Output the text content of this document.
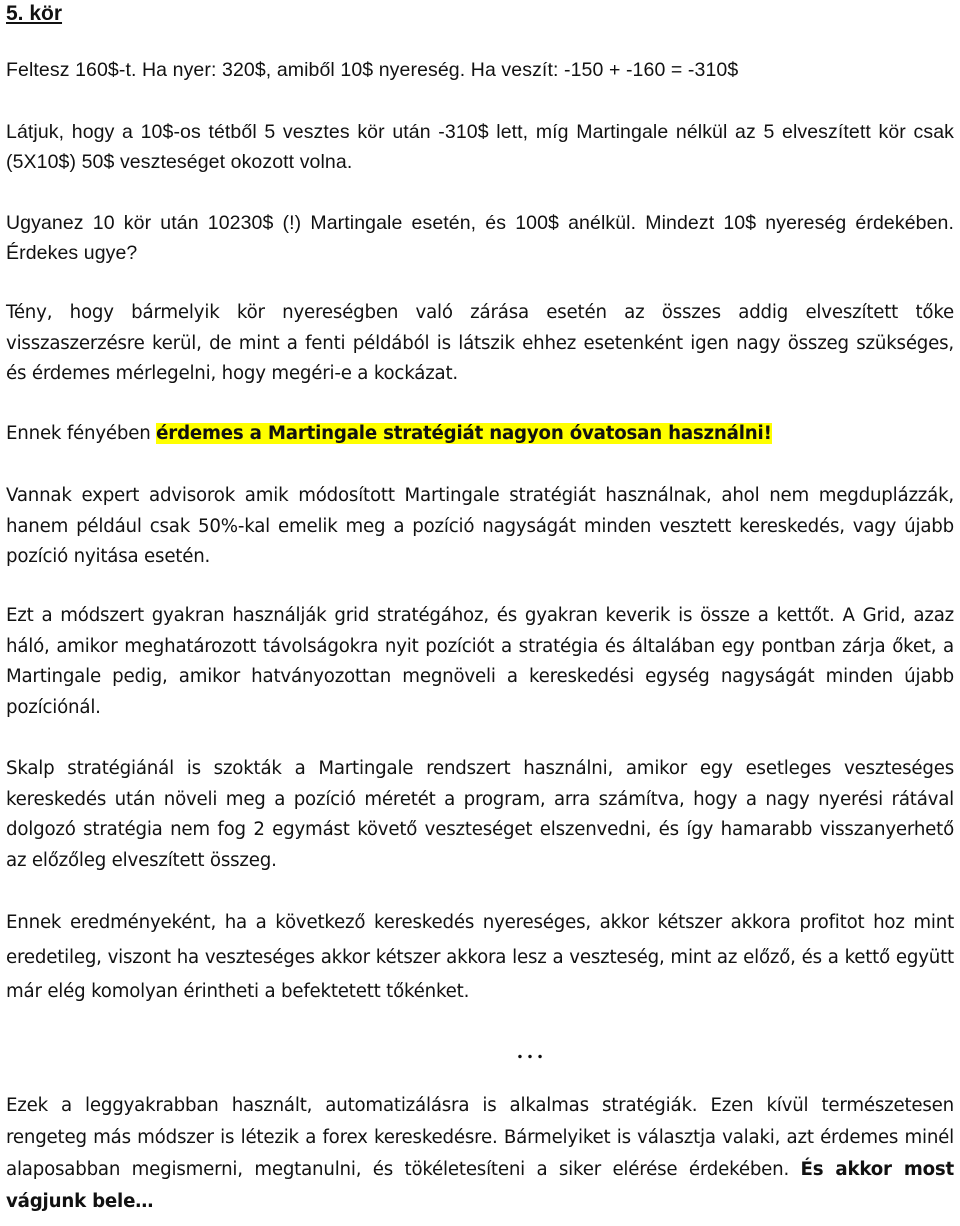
5. kör

Feltesz 160$-t. Ha nyer: 320$, amiből 10$ nyereség. Ha veszít: -150 + -160 = -310$

Látjuk, hogy a 10$-os tétből 5 vesztes kör után -310$ lett, míg Martingale nélkül az 5 elveszített kör csak (5X10$) 50$ veszteséget okozott volna.

Ugyanez 10 kör után 10230$ (!) Martingale esetén, és 100$ anélkül. Mindezt 10$ nyereség érdekében. Érdekes ugye?

Tény, hogy bármelyik kör nyereségben való zárása esetén az összes addig elveszített tőke visszaszerzésre kerül, de mint a fenti példából is látszik ehhez esetenként igen nagy összeg szükséges, és érdemes mérlegelni, hogy megéri-e a kockázat.

Ennek fényében érdemes a Martingale stratégiát nagyon óvatosan használni!

Vannak expert advisorok amik módosított Martingale stratégiát használnak, ahol nem megduplázzák, hanem például csak 50%-kal emelik meg a pozíció nagyságát minden vesztett kereskedés, vagy újabb pozíció nyitása esetén.

Ezt a módszert gyakran használják grid stratégához, és gyakran keverik is össze a kettőt. A Grid, azaz háló, amikor meghatározott távolságokra nyit pozíciót a stratégia és általában egy pontban zárja őket, a Martingale pedig, amikor hatványozottan megnöveli a kereskedési egység nagyságát minden újabb pozíciónál.

Skalp stratégiánál is szokták a Martingale rendszert használni, amikor egy esetleges veszteséges kereskedés után növeli meg a pozíció méretét a program, arra számítva, hogy a nagy nyerési rátával dolgozó stratégia nem fog 2 egymást követő veszteséget elszenvedni, és így hamarabb visszanyerhető az előzőleg elveszített összeg.

Ennek eredményeként, ha a következő kereskedés nyereséges, akkor kétszer akkora profitot hoz mint eredetileg, viszont ha veszteséges akkor kétszer akkora lesz a veszteség, mint az előző, és a kettő együtt már elég komolyan érintheti a befektetett tőkénket.

…

Ezek a leggyakrabban használt, automatizálásra is alkalmas stratégiák. Ezen kívül természetesen rengeteg más módszer is létezik a forex kereskedésre. Bármelyiket is választja valaki, azt érdemes minél alaposabban megismerni, megtanulni, és tökéletesíteni a siker elérése érdekében. És akkor most vágjunk bele…
